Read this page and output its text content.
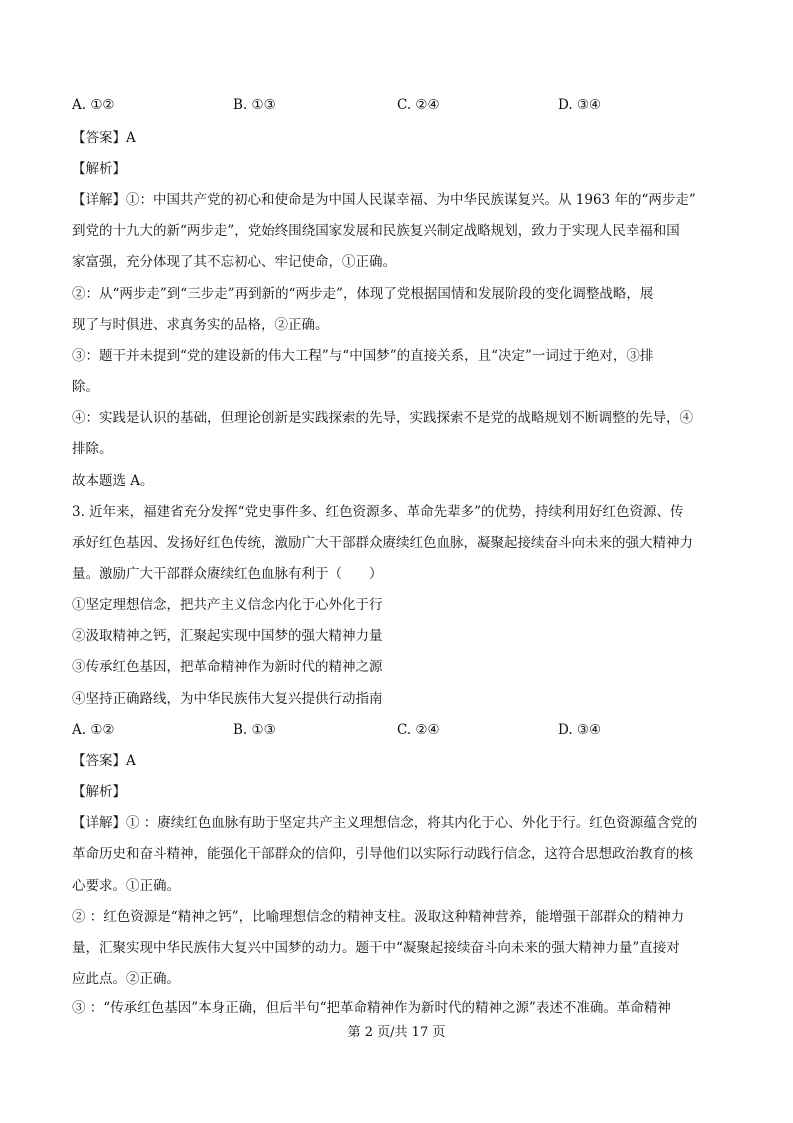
A. ①②	B. ①③	C. ②④	D. ③④
【答案】A
【解析】
【详解】①：中国共产党的初心和使命是为中国人民谋幸福、为中华民族谋复兴。从 1963 年的“两步走”
到党的十九大的新“两步走”，党始终围绕国家发展和民族复兴制定战略规划，致力于实现人民幸福和国
家富强，充分体现了其不忘初心、牢记使命，①正确。
②：从“两步走”到“三步走”再到新的“两步走”，体现了党根据国情和发展阶段的变化调整战略，展
现了与时俱进、求真务实的品格，②正确。
③：题干并未提到“党的建设新的伟大工程”与“中国梦”的直接关系，且“决定”一词过于绝对，③排
除。
④：实践是认识的基础，但理论创新是实践探索的先导，实践探索不是党的战略规划不断调整的先导，④
排除。
故本题选 A。
3. 近年来，福建省充分发挥“党史事件多、红色资源多、革命先辈多”的优势，持续利用好红色资源、传
承好红色基因、发扬好红色传统，激励广大干部群众赓续红色血脉，凝聚起接续奋斗向未来的强大精神力
量。激励广大干部群众赓续红色血脉有利于（　　）
①坚定理想信念，把共产主义信念内化于心外化于行
②汲取精神之钙，汇聚起实现中国梦的强大精神力量
③传承红色基因，把革命精神作为新时代的精神之源
④坚持正确路线，为中华民族伟大复兴提供行动指南
A. ①②	B. ①③	C. ②④	D. ③④
【答案】A
【解析】
【详解】① ：赓续红色血脉有助于坚定共产主义理想信念，将其内化于心、外化于行。红色资源蕴含党的
革命历史和奋斗精神，能强化干部群众的信仰，引导他们以实际行动践行信念，这符合思想政治教育的核
心要求。①正确。
② ：红色资源是“精神之钙”，比喻理想信念的精神支柱。汲取这种精神营养，能增强干部群众的精神力
量，汇聚实现中华民族伟大复兴中国梦的动力。题干中“凝聚起接续奋斗向未来的强大精神力量”直接对
应此点。②正确。
③ ：“传承红色基因”本身正确，但后半句“把革命精神作为新时代的精神之源”表述不准确。革命精神
第 2 页/共 17 页
